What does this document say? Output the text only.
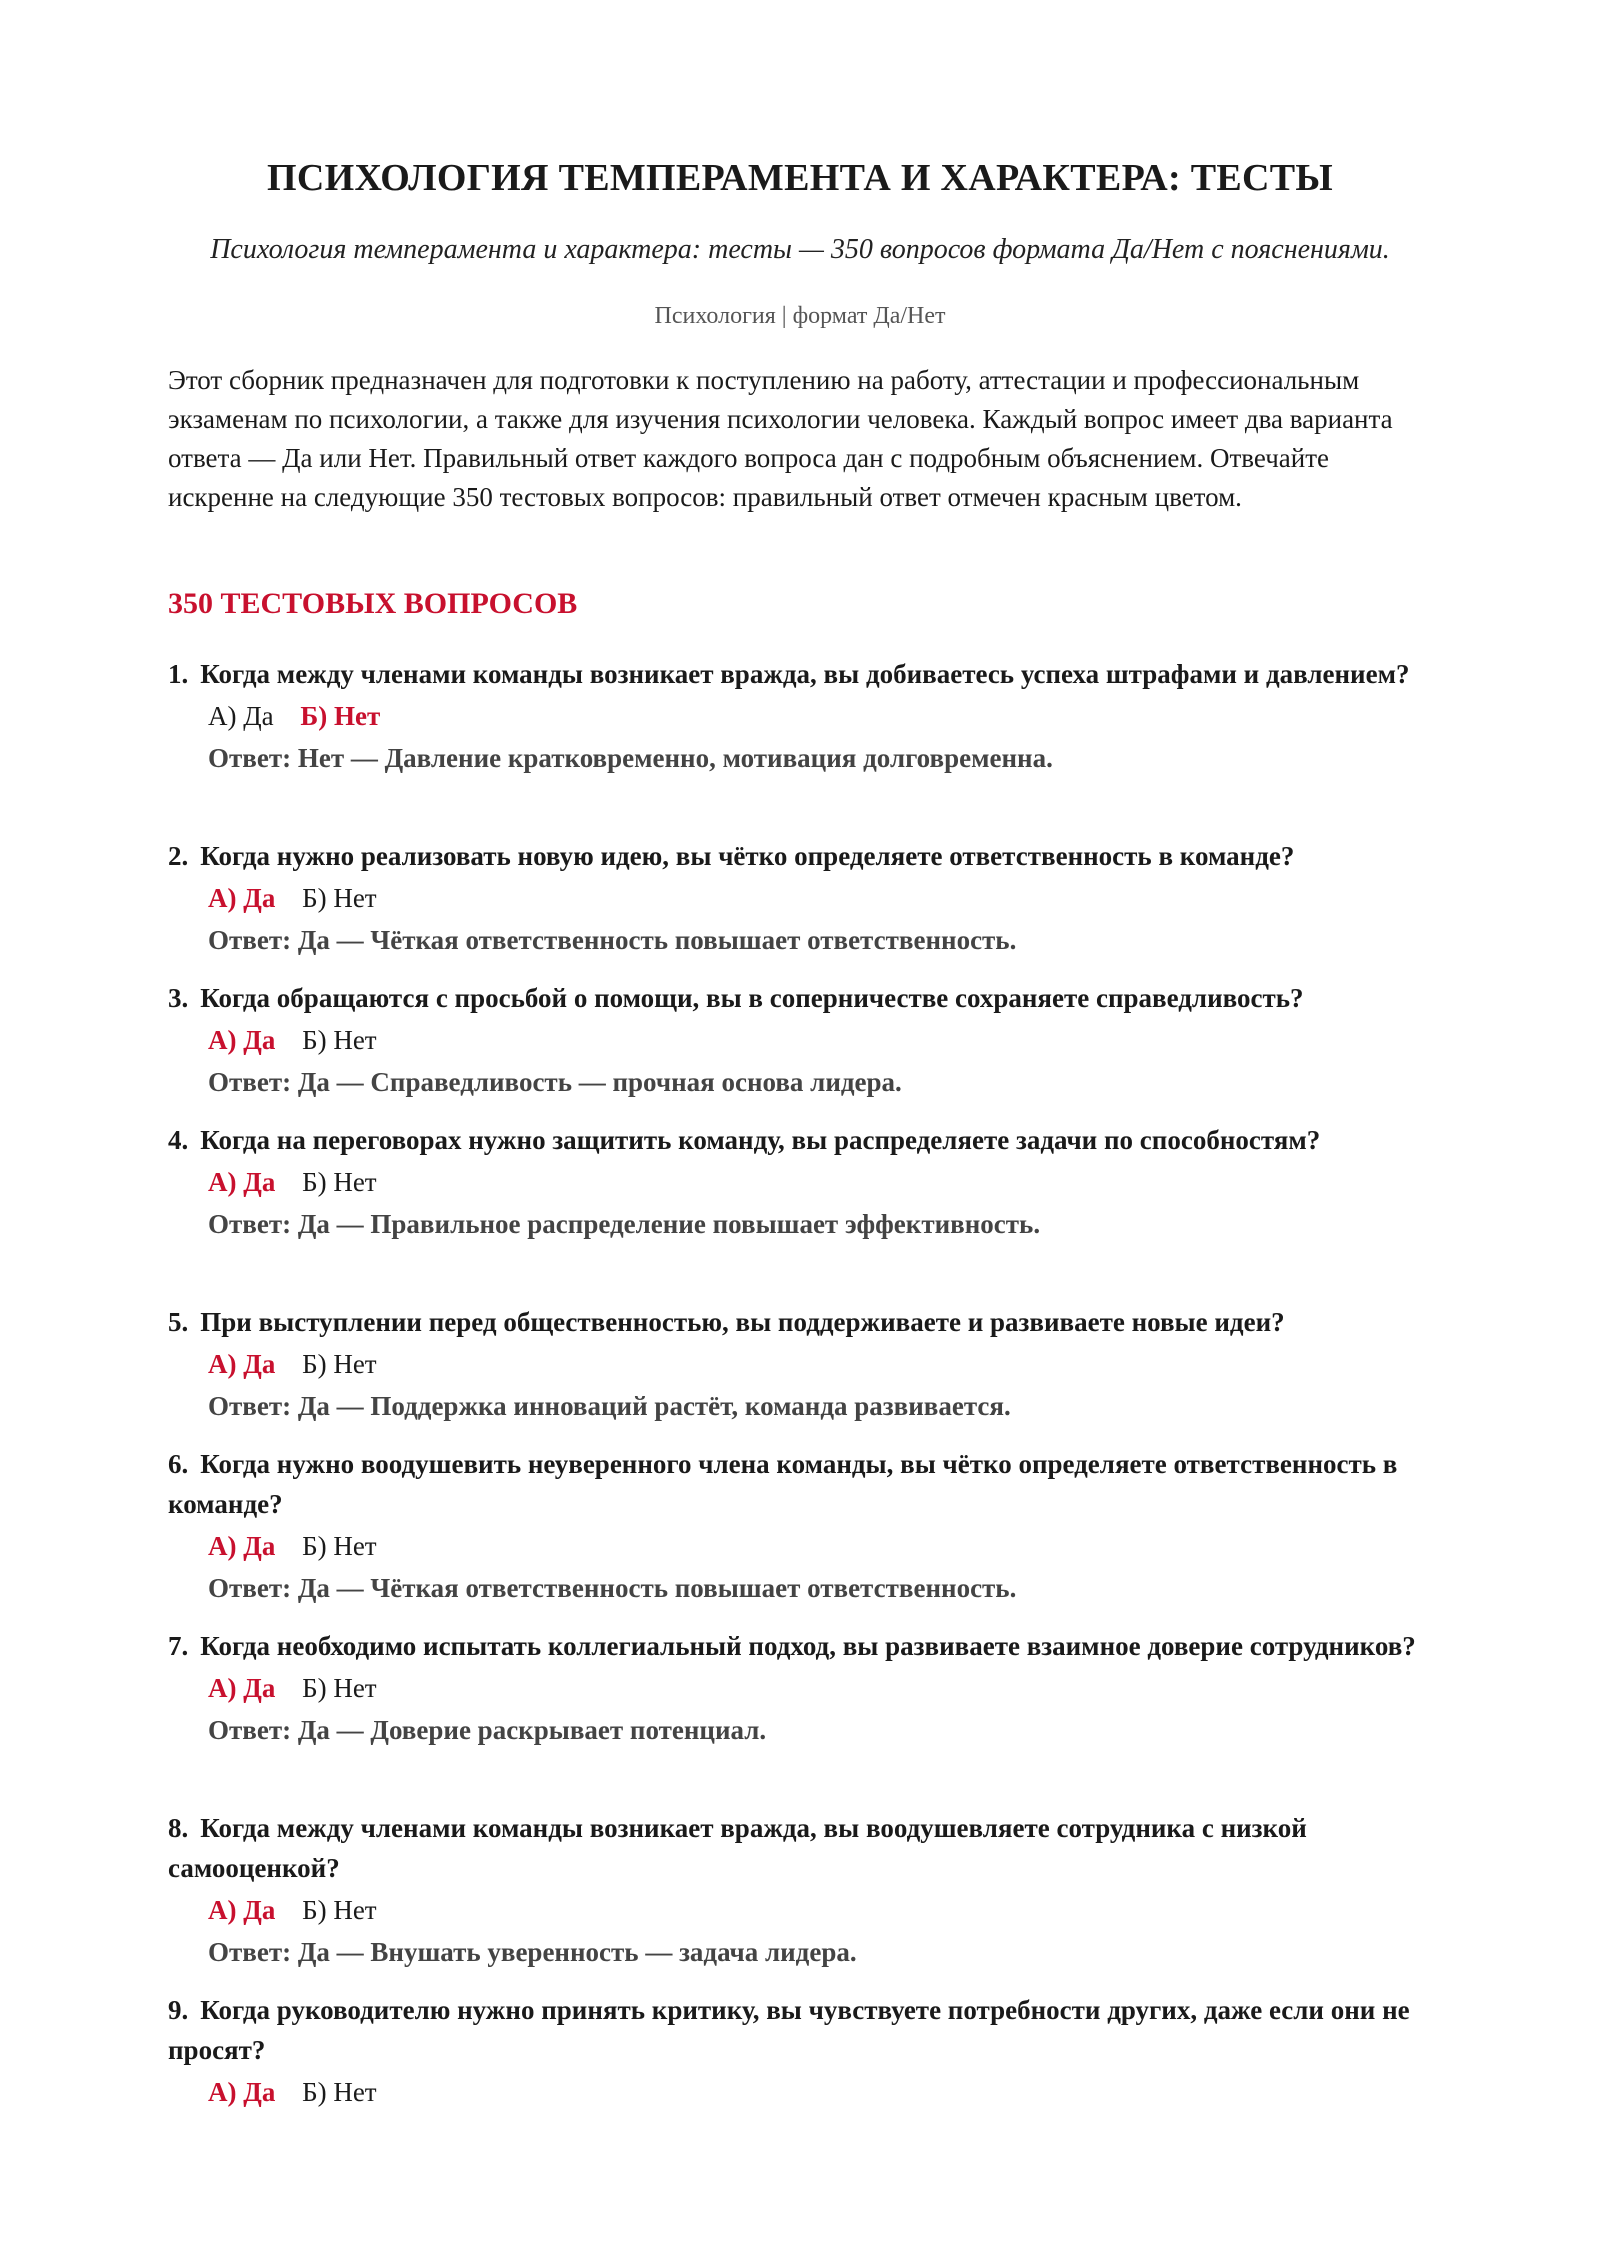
ПСИХОЛОГИЯ ТЕМПЕРАМЕНТА И ХАРАКТЕРА: ТЕСТЫ
Психология темперамента и характера: тесты — 350 вопросов формата Да/Нет с пояснениями.
Психология | формат Да/Нет

Этот сборник предназначен для подготовки к поступлению на работу, аттестации и профессиональным экзаменам по психологии, а также для изучения психологии человека. Каждый вопрос имеет два варианта ответа — Да или Нет. Правильный ответ каждого вопроса дан с подробным объяснением. Отвечайте искренне на следующие 350 тестовых вопросов: правильный ответ отмечен красным цветом.

350 ТЕСТОВЫХ ВОПРОСОВ

1. Когда между членами команды возникает вражда, вы добиваетесь успеха штрафами и давлением?

А) Да Б) Нет
Ответ: Нет — Давление кратковременно, мотивация долговременна.

2. Когда нужно реализовать новую идею, вы чётко определяете ответственность в команде?

А) Да Б) Нет
Ответ: Да — Чёткая ответственность повышает ответственность.

3. Когда обращаются с просьбой о помощи, вы в соперничестве сохраняете справедливость?

А) Да Б) Нет
Ответ: Да — Справедливость — прочная основа лидера.

4. Когда на переговорах нужно защитить команду, вы распределяете задачи по способностям?

А) Да Б) Нет
Ответ: Да — Правильное распределение повышает эффективность.

5. При выступлении перед общественностью, вы поддерживаете и развиваете новые идеи?

А) Да Б) Нет
Ответ: Да — Поддержка инноваций растёт, команда развивается.

6. Когда нужно воодушевить неуверенного члена команды, вы чётко определяете ответственность в команде?

А) Да Б) Нет
Ответ: Да — Чёткая ответственность повышает ответственность.

7. Когда необходимо испытать коллегиальный подход, вы развиваете взаимное доверие сотрудников?

А) Да Б) Нет
Ответ: Да — Доверие раскрывает потенциал.

8. Когда между членами команды возникает вражда, вы воодушевляете сотрудника с низкой самооценкой?

А) Да Б) Нет
Ответ: Да — Внушать уверенность — задача лидера.

9. Когда руководителю нужно принять критику, вы чувствуете потребности других, даже если они не просят?

А) Да Б) Нет
